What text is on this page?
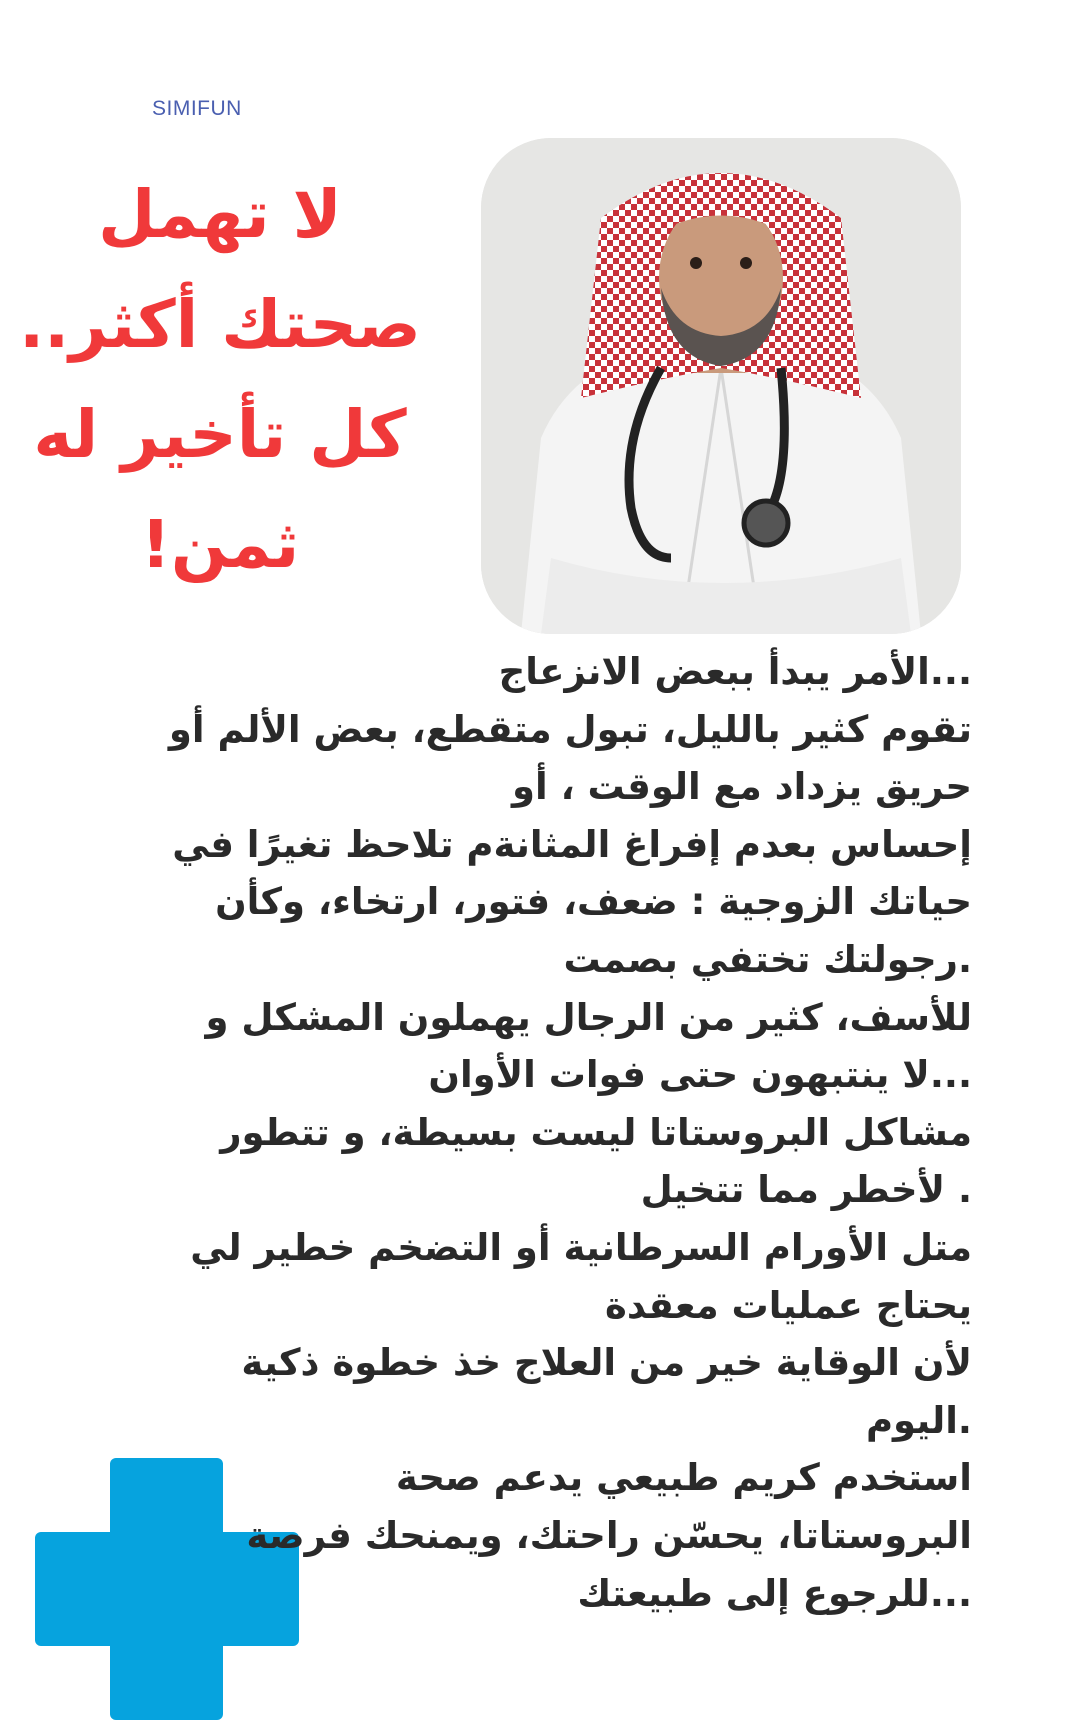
SIMIFUN
لا تهمل
صحتك أكثر..
كل تأخير له
ثمن!
...الأمر يبدأ ببعض الانزعاج
تقوم كثير بالليل، تبول متقطع، بعض الألم أو
حريق يزداد مع الوقت ، أو
إحساس بعدم إفراغ المثانةم تلاحظ تغيرًا في
حياتك الزوجية : ضعف، فتور، ارتخاء، وكأن
.رجولتك تختفي بصمت
للأسف، كثير من الرجال يهملون المشكل و
...لا ينتبهون حتى فوات الأوان
مشاكل البروستاتا ليست بسيطة، و تتطور
. لأخطر مما تتخيل
متل الأورام السرطانية أو التضخم خطير لي
يحتاج عمليات معقدة
لأن الوقاية خير من العلاج خذ خطوة ذكية
.اليوم
استخدم كريم طبيعي يدعم صحة
البروستاتا، يحسّن راحتك، ويمنحك فرصة
...للرجوع إلى طبيعتك
